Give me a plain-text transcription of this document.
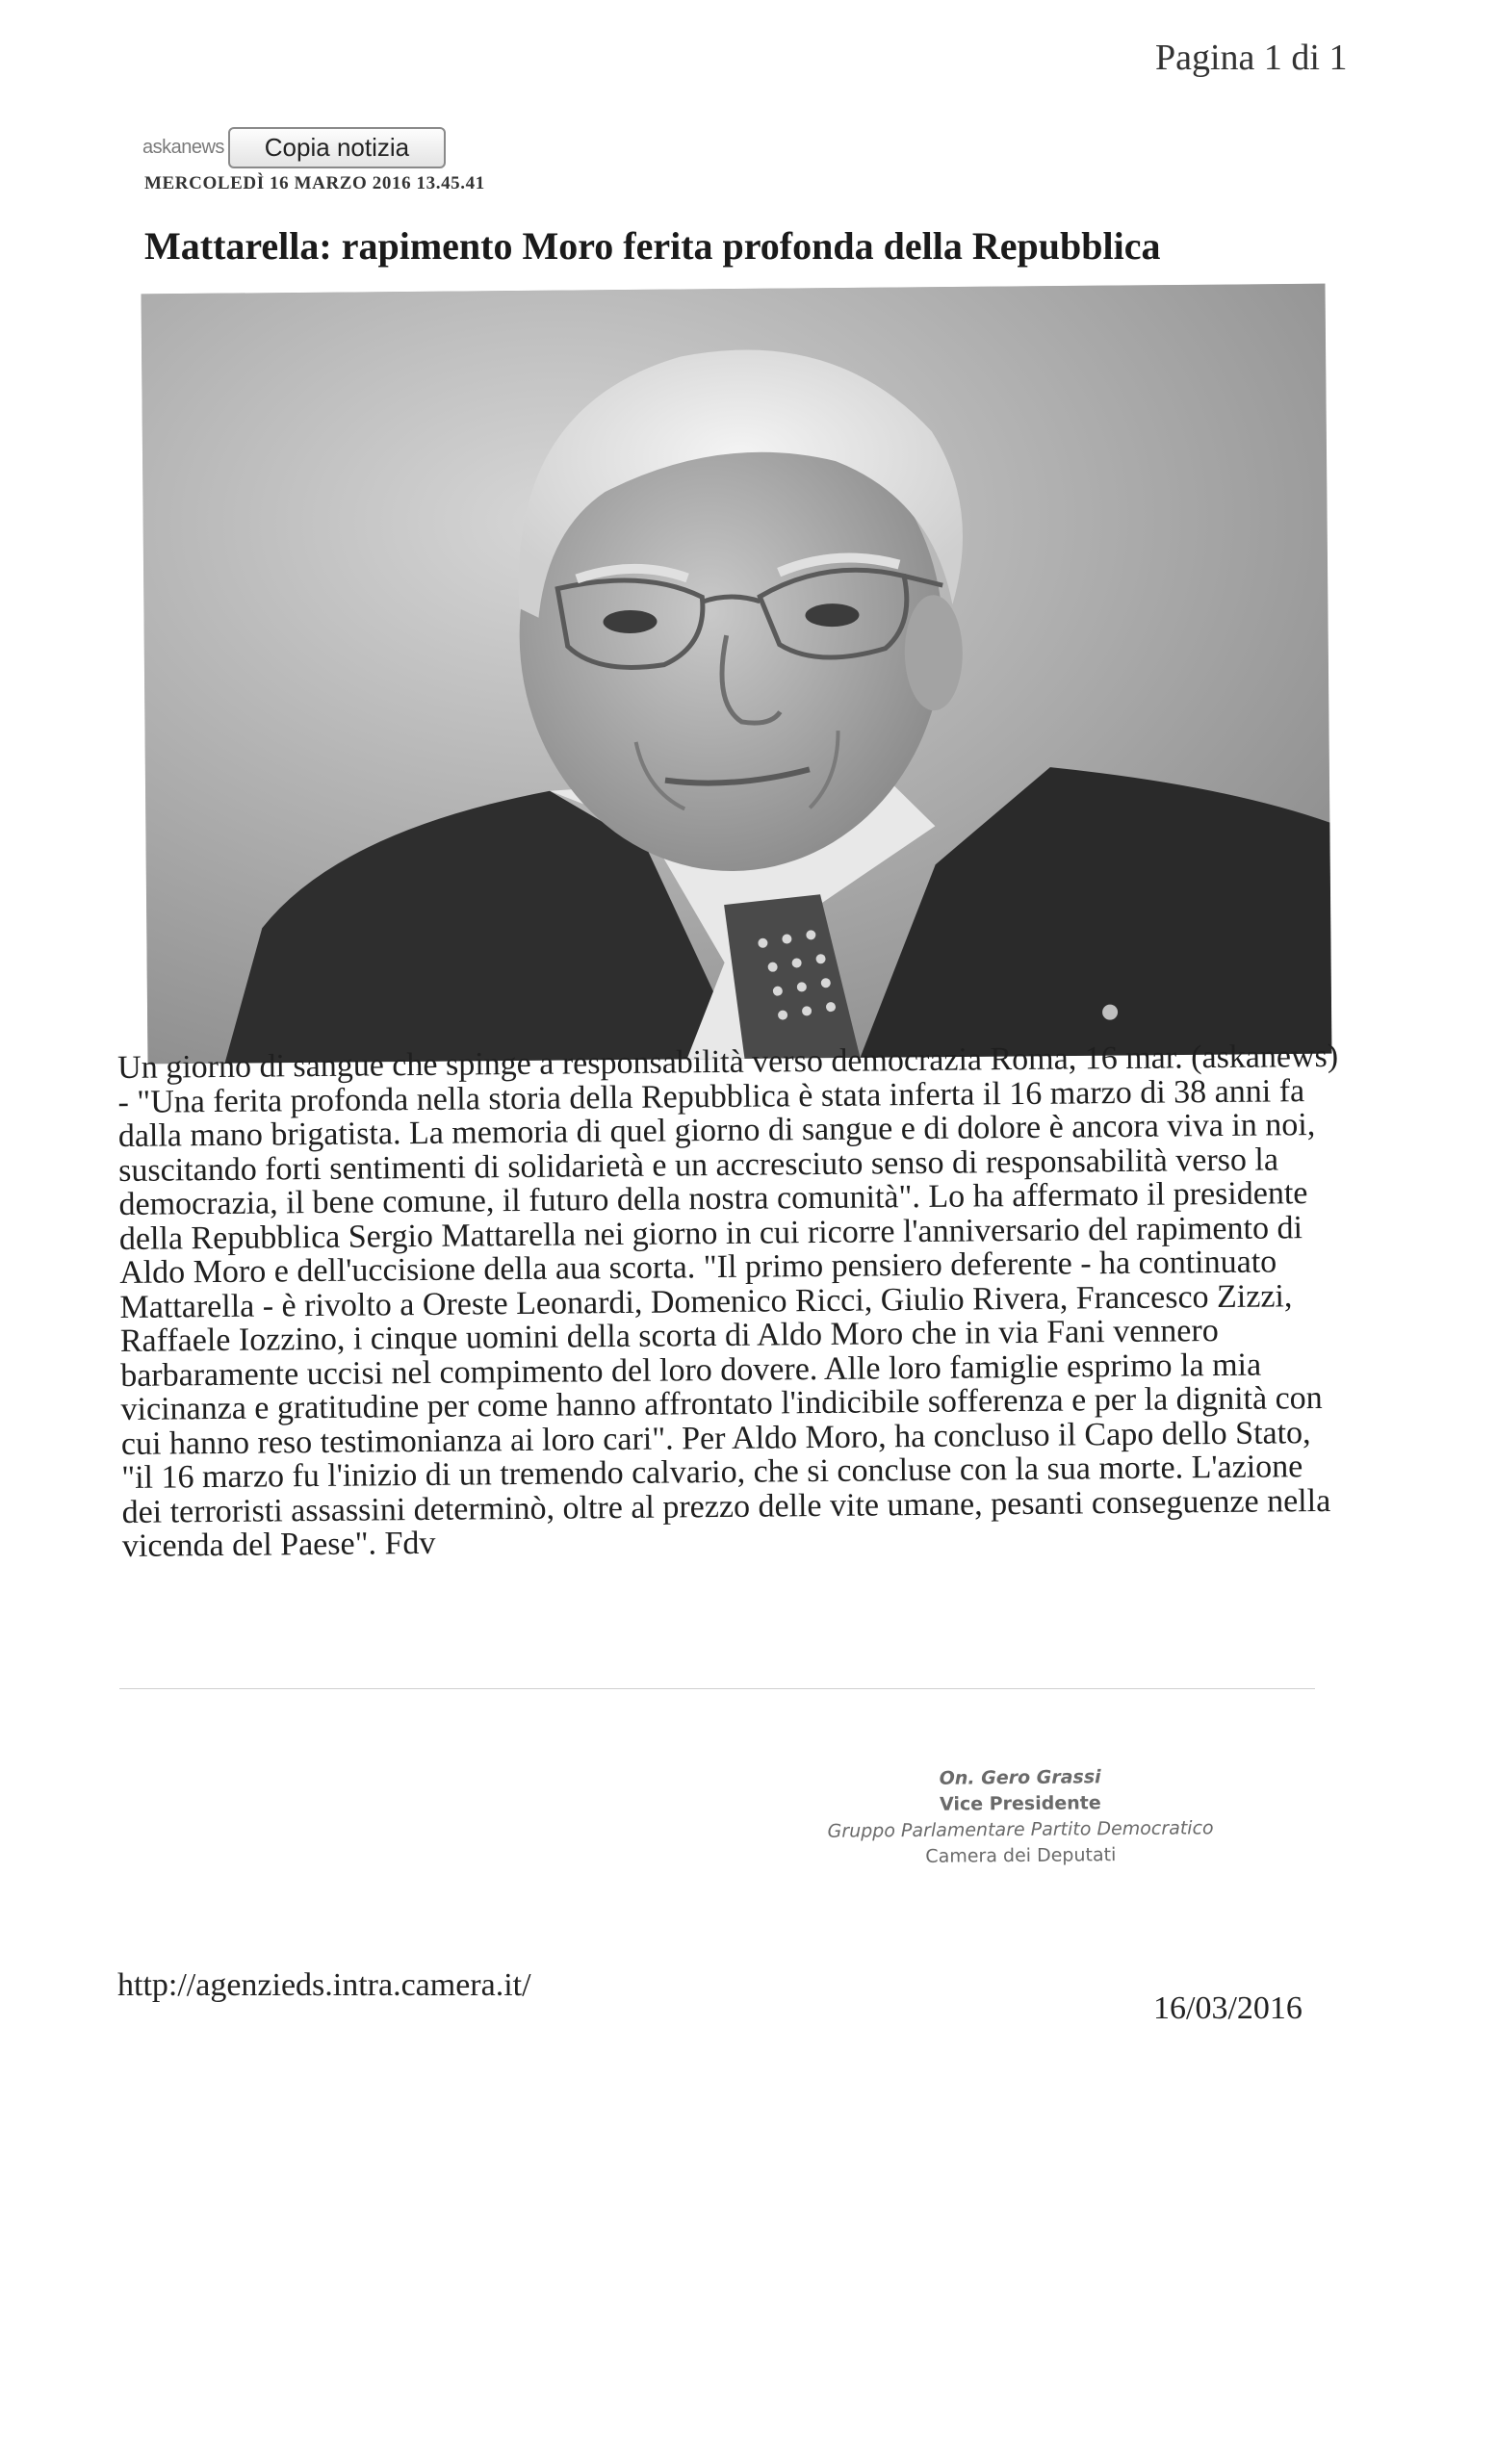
Pagina 1 di 1
askanews	Copia notizia
MERCOLEDÌ 16 MARZO 2016 13.45.41
Mattarella: rapimento Moro ferita profonda della Repubblica

Un giorno di sangue che spinge a responsabilità verso democrazia Roma, 16 mar. (askanews) - "Una ferita profonda nella storia della Repubblica è stata inferta il 16 marzo di 38 anni fa dalla mano brigatista. La memoria di quel giorno di sangue e di dolore è ancora viva in noi, suscitando forti sentimenti di solidarietà e un accresciuto senso di responsabilità verso la democrazia, il bene comune, il futuro della nostra comunità". Lo ha affermato il presidente della Repubblica Sergio Mattarella nei giorno in cui ricorre l'anniversario del rapimento di Aldo Moro e dell'uccisione della aua scorta. "Il primo pensiero deferente - ha continuato Mattarella - è rivolto a Oreste Leonardi, Domenico Ricci, Giulio Rivera, Francesco Zizzi, Raffaele Iozzino, i cinque uomini della scorta di Aldo Moro che in via Fani vennero barbaramente uccisi nel compimento del loro dovere. Alle loro famiglie esprimo la mia vicinanza e gratitudine per come hanno affrontato l'indicibile sofferenza e per la dignità con cui hanno reso testimonianza ai loro cari". Per Aldo Moro, ha concluso il Capo dello Stato, "il 16 marzo fu l'inizio di un tremendo calvario, che si concluse con la sua morte. L'azione dei terroristi assassini determinò, oltre al prezzo delle vite umane, pesanti conseguenze nella vicenda del Paese". Fdv

On. Gero Grassi
Vice Presidente
Gruppo Parlamentare Partito Democratico
Camera dei Deputati
http://agenzieds.intra.camera.it/
16/03/2016
